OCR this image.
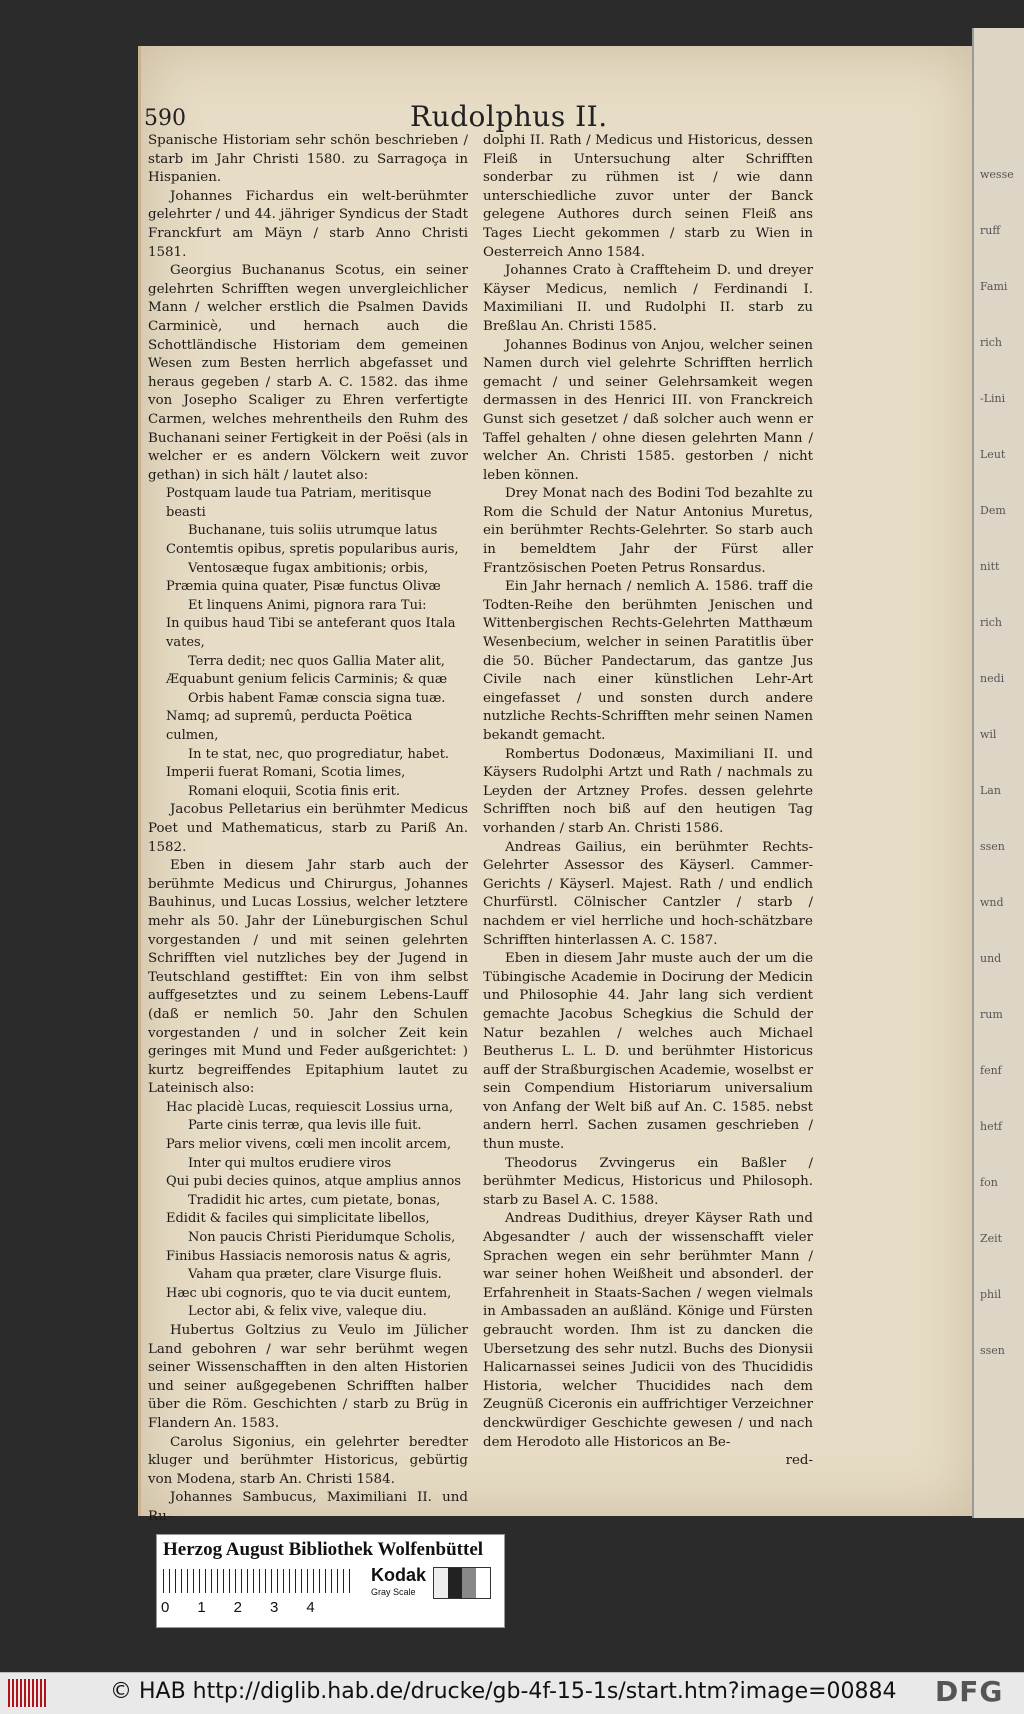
wesse
ruff
Fami
rich
-Lini
Leut
Dem
nitt
rich
nedi
wil
Lan
ssen
wnd
und
rum
fenf
hetf
fon
Zeit
phil
ssen
590	Rudolphus II.

Spanische Historiam sehr schön beschrieben / starb im Jahr Christi 1580. zu Sarragoça in Hispanien.

Johannes Fichardus ein welt-berühmter gelehrter / und 44. jähriger Syndicus der Stadt Franckfurt am Mäyn / starb Anno Christi 1581.

Georgius Buchananus Scotus, ein seiner gelehrten Schrifften wegen unvergleichlicher Mann / welcher erstlich die Psalmen Davids Carminicè, und hernach auch die Schottländische Historiam dem gemeinen Wesen zum Besten herrlich abgefasset und heraus gegeben / starb A. C. 1582. das ihme von Josepho Scaliger zu Ehren verfertigte Carmen, welches mehrentheils den Ruhm des Buchanani seiner Fertigkeit in der Poësi (als in welcher er es andern Völckern weit zuvor gethan) in sich hält / lautet also:

Postquam laude tua Patriam, meritisque beasti
Buchanane, tuis soliis utrumque latus
Contemtis opibus, spretis popularibus auris,
Ventosæque fugax ambitionis; orbis,
Præmia quina quater, Pisæ functus Olivæ
Et linquens Animi, pignora rara Tui:
In quibus haud Tibi se anteferant quos Itala vates,
Terra dedit; nec quos Gallia Mater alit,
Æquabunt genium felicis Carminis; & quæ
Orbis habent Famæ conscia signa tuæ.
Namq; ad supremû, perducta Poëtica culmen,
In te stat, nec, quo progrediatur, habet.
Imperii fuerat Romani, Scotia limes,
Romani eloquii, Scotia finis erit.

Jacobus Pelletarius ein berühmter Medicus Poet und Mathematicus, starb zu Pariß An. 1582.

Eben in diesem Jahr starb auch der berühmte Medicus und Chirurgus, Johannes Bauhinus, und Lucas Lossius, welcher letztere mehr als 50. Jahr der Lüneburgischen Schul vorgestanden / und mit seinen gelehrten Schrifften viel nutzliches bey der Jugend in Teutschland gestifftet: Ein von ihm selbst auffgesetztes und zu seinem Lebens-Lauff (daß er nemlich 50. Jahr den Schulen vorgestanden / und in solcher Zeit kein geringes mit Mund und Feder außgerichtet: ) kurtz begreiffendes Epitaphium lautet zu Lateinisch also:

Hac placidè Lucas, requiescit Lossius urna,
Parte cinis terræ, qua levis ille fuit.
Pars melior vivens, cœli men incolit arcem,
Inter qui multos erudiere viros
Qui pubi decies quinos, atque amplius annos
Tradidit hic artes, cum pietate, bonas,
Edidit & faciles qui simplicitate libellos,
Non paucis Christi Pieridumque Scholis,
Finibus Hassiacis nemorosis natus & agris,
Vaham qua præter, clare Visurge fluis.
Hæc ubi cognoris, quo te via ducit euntem,
Lector abi, & felix vive, valeque diu.

Hubertus Goltzius zu Veulo im Jülicher Land gebohren / war sehr berühmt wegen seiner Wissenschafften in den alten Historien und seiner außgegebenen Schrifften halber über die Röm. Geschichten / starb zu Brüg in Flandern An. 1583.

Carolus Sigonius, ein gelehrter beredter kluger und berühmter Historicus, gebürtig von Modena, starb An. Christi 1584.

Johannes Sambucus, Maximiliani II. und Ru-

dolphi II. Rath / Medicus und Historicus, dessen Fleiß in Untersuchung alter Schrifften sonderbar zu rühmen ist / wie dann unterschiedliche zuvor unter der Banck gelegene Authores durch seinen Fleiß ans Tages Liecht gekommen / starb zu Wien in Oesterreich Anno 1584.

Johannes Crato à Craffteheim D. und dreyer Käyser Medicus, nemlich / Ferdinandi I. Maximiliani II. und Rudolphi II. starb zu Breßlau An. Christi 1585.

Johannes Bodinus von Anjou, welcher seinen Namen durch viel gelehrte Schrifften herrlich gemacht / und seiner Gelehrsamkeit wegen dermassen in des Henrici III. von Franckreich Gunst sich gesetzet / daß solcher auch wenn er Taffel gehalten / ohne diesen gelehrten Mann / welcher An. Christi 1585. gestorben / nicht leben können.

Drey Monat nach des Bodini Tod bezahlte zu Rom die Schuld der Natur Antonius Muretus, ein berühmter Rechts-Gelehrter. So starb auch in bemeldtem Jahr der Fürst aller Frantzösischen Poeten Petrus Ronsardus.

Ein Jahr hernach / nemlich A. 1586. traff die Todten-Reihe den berühmten Jenischen und Wittenbergischen Rechts-Gelehrten Matthæum Wesenbecium, welcher in seinen Paratitlis über die 50. Bücher Pandectarum, das gantze Jus Civile nach einer künstlichen Lehr-Art eingefasset / und sonsten durch andere nutzliche Rechts-Schrifften mehr seinen Namen bekandt gemacht.

Rombertus Dodonæus, Maximiliani II. und Käysers Rudolphi Artzt und Rath / nachmals zu Leyden der Artzney Profes. dessen gelehrte Schrifften noch biß auf den heutigen Tag vorhanden / starb An. Christi 1586.

Andreas Gailius, ein berühmter Rechts-Gelehrter Assessor des Käyserl. Cammer-Gerichts / Käyserl. Majest. Rath / und endlich Churfürstl. Cölnischer Cantzler / starb / nachdem er viel herrliche und hoch-schätzbare Schrifften hinterlassen A. C. 1587.

Eben in diesem Jahr muste auch der um die Tübingische Academie in Docirung der Medicin und Philosophie 44. Jahr lang sich verdient gemachte Jacobus Schegkius die Schuld der Natur bezahlen / welches auch Michael Beutherus L. L. D. und berühmter Historicus auff der Straßburgischen Academie, woselbst er sein Compendium Historiarum universalium von Anfang der Welt biß auf An. C. 1585. nebst andern herrl. Sachen zusamen geschrieben / thun muste.

Theodorus Zvvingerus ein Baßler / berühmter Medicus, Historicus und Philosoph. starb zu Basel A. C. 1588.

Andreas Dudithius, dreyer Käyser Rath und Abgesandter / auch der wissenschafft vieler Sprachen wegen ein sehr berühmter Mann / war seiner hohen Weißheit und absonderl. der Erfahrenheit in Staats-Sachen / wegen vielmals in Ambassaden an außländ. Könige und Fürsten gebraucht worden. Ihm ist zu dancken die Ubersetzung des sehr nutzl. Buchs des Dionysii Halicarnassei seines Judicii von des Thucididis Historia, welcher Thucidides nach dem Zeugnüß Ciceronis ein auffrichtiger Verzeichner denckwürdiger Geschichte gewesen / und nach dem Herodoto alle Historicos an Be-

red-
Herzog August Bibliothek Wolfenbüttel
01234
Kodak
Gray Scale
© HAB http://diglib.hab.de/drucke/gb-4f-15-1s/start.htm?image=00884 DFG
